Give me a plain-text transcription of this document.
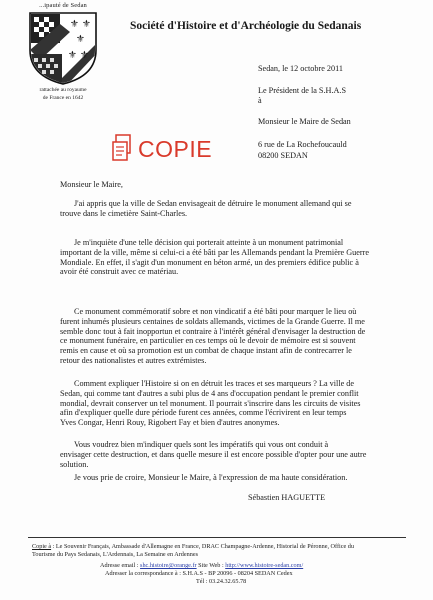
...ipauté de Sedan
⚜ ⚜
⚜
⚜ ⚜
rattachée au royaume
de France en 1642
Société d'Histoire et d'Archéologie du Sedanais
Sedan, le 12 octobre 2011
Le Président de la S.H.A.S
à
Monsieur le Maire de Sedan
6 rue de La Rochefoucauld
08200 SEDAN
COPIE
Monsieur le Maire,
J'ai appris que la ville de Sedan envisageait de détruire le monument allemand qui se
trouve dans le cimetière Saint-Charles.
Je m'inquiète d'une telle décision qui porterait atteinte à un monument patrimonial
important de la ville, même si celui-ci a été bâti par les Allemands pendant la Première Guerre
Mondiale. En effet, il s'agit d'un monument en béton armé, un des premiers édifice public à
avoir été construit avec ce matériau.
Ce monument commémoratif sobre et non vindicatif a été bâti pour marquer le lieu où
furent inhumés plusieurs centaines de soldats allemands, victimes de la Grande Guerre. Il me
semble donc tout à fait inopportun et contraire à l'intérêt général d'envisager la destruction de
ce monument funéraire, en particulier en ces temps où le devoir de mémoire est si souvent
remis en cause et où sa promotion est un combat de chaque instant afin de contrecarrer le
retour des nationalistes et autres extrémistes.
Comment expliquer l'Histoire si on en détruit les traces et ses marqueurs ? La ville de
Sedan, qui comme tant d'autres a subi plus de 4 ans d'occupation pendant le premier conflit
mondial, devrait conserver un tel monument. Il pourrait s'inscrire dans les circuits de visites
afin d'expliquer quelle dure période furent ces années, comme l'écrivirent en leur temps
Yves Congar, Henri Rouy, Rigobert Fay et bien d'autres anonymes.
Vous voudrez bien m'indiquer quels sont les impératifs qui vous ont conduit à
envisager cette destruction, et dans quelle mesure il est encore possible d'opter pour une autre
solution.
Je vous prie de croire, Monsieur le Maire, à l'expression de ma haute considération.
Sébastien HAGUETTE
Copie à : Le Souvenir Français, Ambassade d'Allemagne en France, DRAC Champagne-Ardenne, Historial de Péronne, Office du
Tourisme du Pays Sedanais, L'Ardennais, La Semaine en Ardennes
Adresse email : shc.histoire@orange.fr Site Web : http://www.histoire-sedan.com/
Adresser la correspondance à : S.H.A.S - BP 20096 - 08204 SEDAN Cedex
Tél : 03.24.32.65.78
